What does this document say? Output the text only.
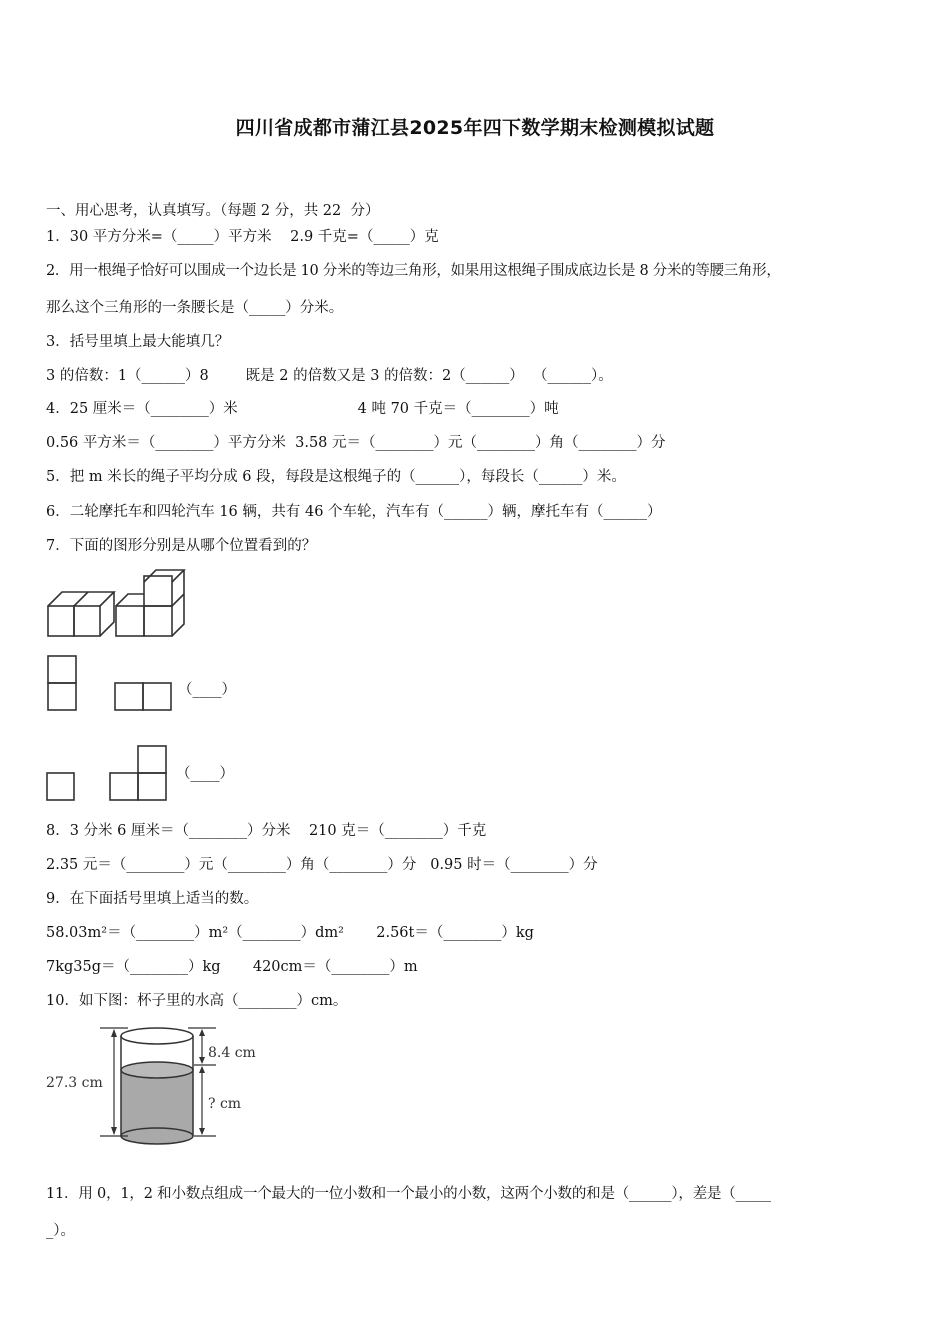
四川省成都市蒲江县2025年四下数学期末检测模拟试题
一、用心思考，认真填写。（每题 2 分，共 22  分）
1．30 平方分米=（_____）平方米    2.9 千克=（_____）克
2．用一根绳子恰好可以围成一个边长是 10 分米的等边三角形，如果用这根绳子围成底边长是 8 分米的等腰三角形，
那么这个三角形的一条腰长是（_____）分米。
3．括号里填上最大能填几？
3 的倍数：1（______）8        既是 2 的倍数又是 3 的倍数：2（______）  （______）。
4．25 厘米＝（________）米                          4 吨 70 千克＝（________）吨
0.56 平方米＝（________）平方分米  3.58 元＝（________）元（________）角（________）分
5．把 m 米长的绳子平均分成 6 段，每段是这根绳子的（______），每段长（______）米。
6．二轮摩托车和四轮汽车 16 辆，共有 46 个车轮，汽车有（______）辆，摩托车有（______）
7．下面的图形分别是从哪个位置看到的？
（____）
（____）
8．3 分米 6 厘米＝（________）分米    210 克＝（________）千克
2.35 元＝（________）元（________）角（________）分   0.95 时＝（________）分
9．在下面括号里填上适当的数。
58.03m²＝（________）m²（________）dm²       2.56t＝（________）kg
7kg35g＝（________）kg       420cm＝（________）m
10．如下图：杯子里的水高（________）cm。
27.3 cm
8.4 cm
? cm
11．用 0，1，2 和小数点组成一个最大的一位小数和一个最小的小数，这两个小数的和是（______），差是（_____
_）。
